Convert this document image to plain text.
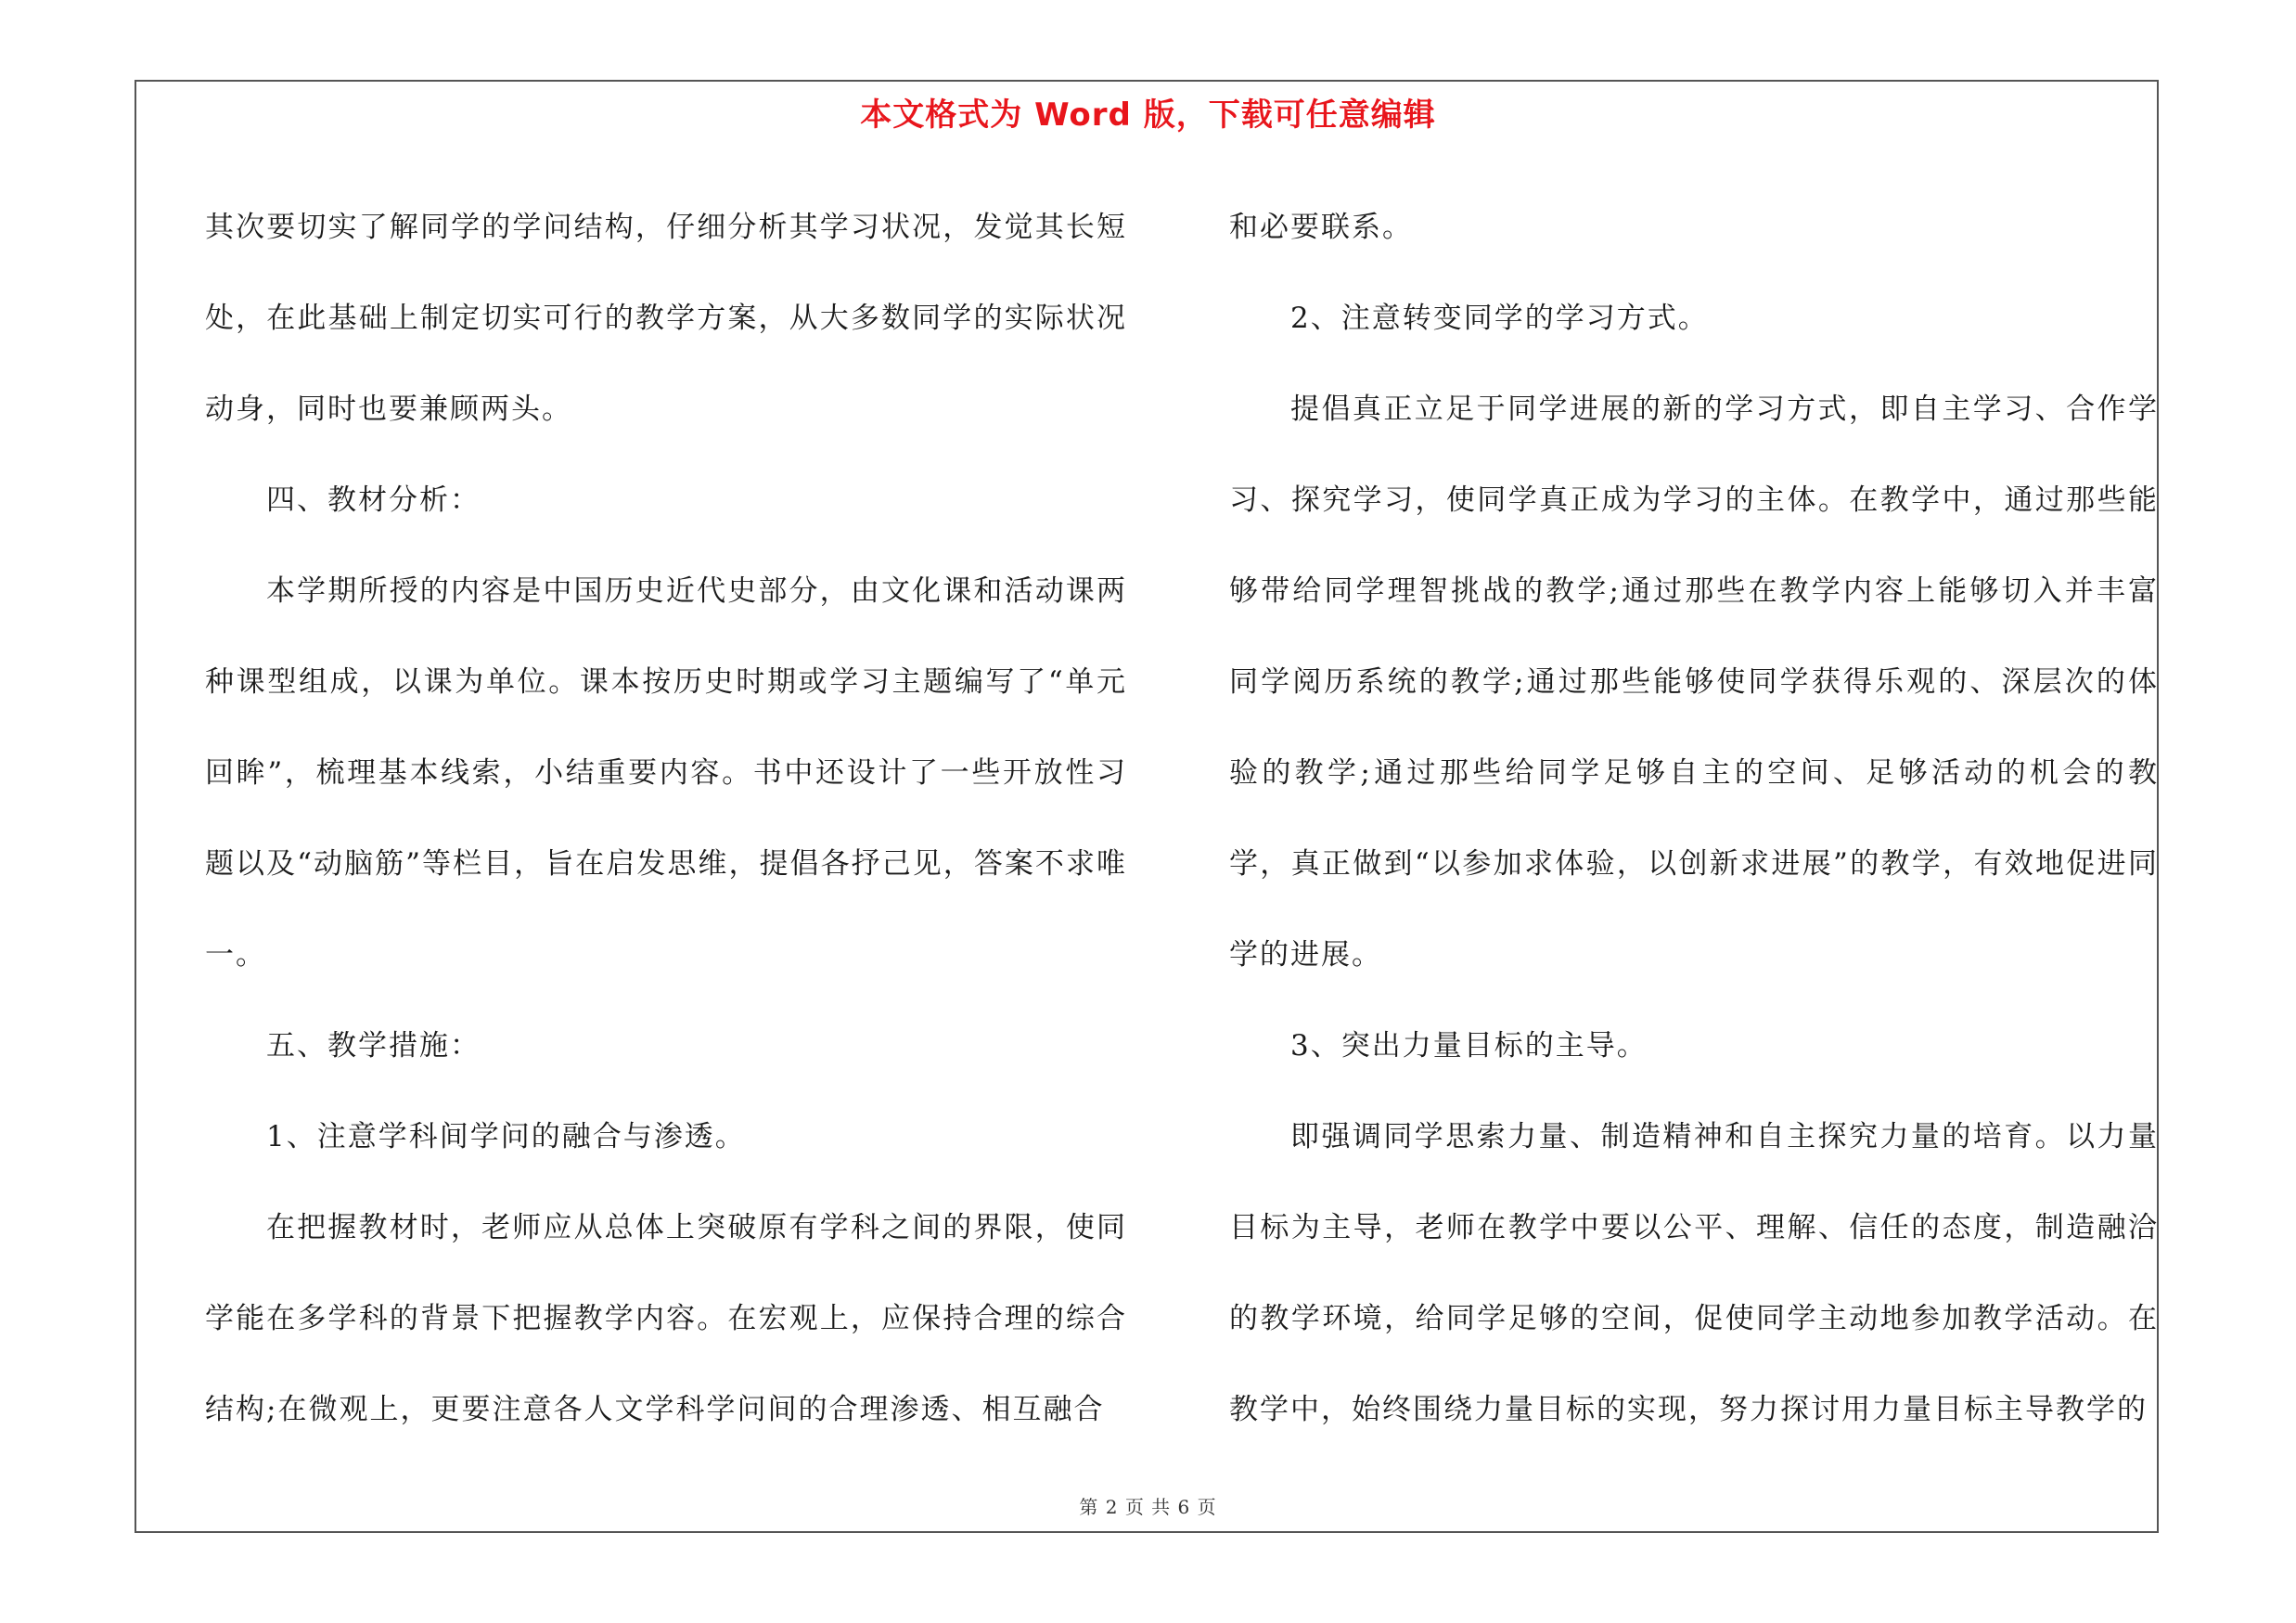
本文格式为 Word 版，下载可任意编辑

其次要切实了解同学的学问结构，仔细分析其学习状况，发觉其长短处，在此基础上制定切实可行的教学方案，从大多数同学的实际状况动身，同时也要兼顾两头。

四、教材分析：

本学期所授的内容是中国历史近代史部分，由文化课和活动课两种课型组成，以课为单位。课本按历史时期或学习主题编写了“单元回眸”，梳理基本线索，小结重要内容。书中还设计了一些开放性习题以及“动脑筋”等栏目，旨在启发思维，提倡各抒己见，答案不求唯一。

五、教学措施：

1、注意学科间学问的融合与渗透。

在把握教材时，老师应从总体上突破原有学科之间的界限，使同学能在多学科的背景下把握教学内容。在宏观上，应保持合理的综合结构;在微观上，更要注意各人文学科学问间的合理渗透、相互融合

和必要联系。

2、注意转变同学的学习方式。

提倡真正立足于同学进展的新的学习方式，即自主学习、合作学习、探究学习，使同学真正成为学习的主体。在教学中，通过那些能够带给同学理智挑战的教学;通过那些在教学内容上能够切入并丰富同学阅历系统的教学;通过那些能够使同学获得乐观的、深层次的体验的教学;通过那些给同学足够自主的空间、足够活动的机会的教学，真正做到“以参加求体验，以创新求进展”的教学，有效地促进同学的进展。

3、突出力量目标的主导。

即强调同学思索力量、制造精神和自主探究力量的培育。以力量目标为主导，老师在教学中要以公平、理解、信任的态度，制造融洽的教学环境，给同学足够的空间，促使同学主动地参加教学活动。在教学中，始终围绕力量目标的实现，努力探讨用力量目标主导教学的

第 2 页 共 6 页
